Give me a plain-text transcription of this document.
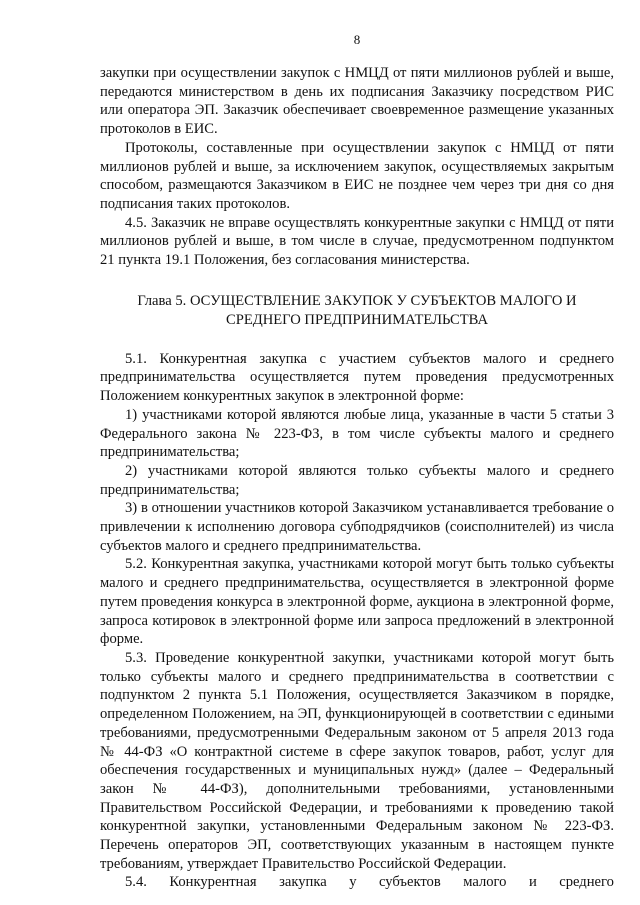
8

закупки при осуществлении закупок с НМЦД от пяти миллионов рублей и выше, передаются министерством в день их подписания Заказчику посредством РИС или оператора ЭП. Заказчик обеспечивает своевременное размещение указанных протоколов в ЕИС.

Протоколы, составленные при осуществлении закупок с НМЦД от пяти миллионов рублей и выше, за исключением закупок, осуществляемых закрытым способом, размещаются Заказчиком в ЕИС не позднее чем через три дня со дня подписания таких протоколов.

4.5. Заказчик не вправе осуществлять конкурентные закупки с НМЦД от пяти миллионов рублей и выше, в том числе в случае, предусмотренном подпунктом 21 пункта 19.1 Положения, без согласования министерства.

Глава 5. ОСУЩЕСТВЛЕНИЕ ЗАКУПОК У СУБЪЕКТОВ МАЛОГО И
СРЕДНЕГО ПРЕДПРИНИМАТЕЛЬСТВА

5.1. Конкурентная закупка с участием субъектов малого и среднего предпринимательства осуществляется путем проведения предусмотренных Положением конкурентных закупок в электронной форме:

1) участниками которой являются любые лица, указанные в части 5 статьи 3 Федерального закона № 223-ФЗ, в том числе субъекты малого и среднего предпринимательства;

2) участниками которой являются только субъекты малого и среднего предпринимательства;

3) в отношении участников которой Заказчиком устанавливается требование о привлечении к исполнению договора субподрядчиков (соисполнителей) из числа субъектов малого и среднего предпринимательства.

5.2. Конкурентная закупка, участниками которой могут быть только субъекты малого и среднего предпринимательства, осуществляется в электронной форме путем проведения конкурса в электронной форме, аукциона в электронной форме, запроса котировок в электронной форме или запроса предложений в электронной форме.

5.3. Проведение конкурентной закупки, участниками которой могут быть только субъекты малого и среднего предпринимательства в соответствии с подпунктом 2 пункта 5.1 Положения, осуществляется Заказчиком в порядке, определенном Положением, на ЭП, функционирующей в соответствии с едиными требованиями, предусмотренными Федеральным законом от 5 апреля 2013 года № 44-ФЗ «О контрактной системе в сфере закупок товаров, работ, услуг для обеспечения государственных и муниципальных нужд» (далее – Федеральный закон № 44-ФЗ), дополнительными требованиями, установленными Правительством Российской Федерации, и требованиями к проведению такой конкурентной закупки, установленными Федеральным законом № 223-ФЗ. Перечень операторов ЭП, соответствующих указанным в настоящем пункте требованиям, утверждает Правительство Российской Федерации.

5.4. Конкурентная закупка у субъектов малого и среднего
